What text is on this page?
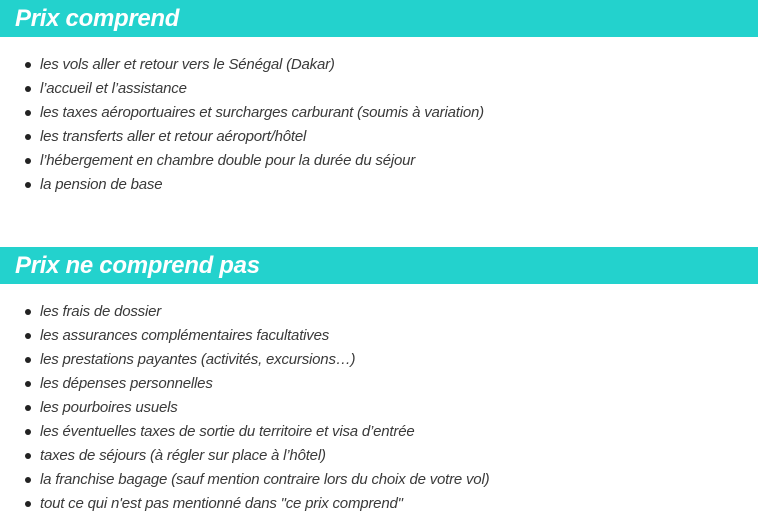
Prix comprend
les vols aller et retour vers le Sénégal (Dakar)
l’accueil et l’assistance
les taxes aéroportuaires et surcharges carburant (soumis à variation)
les transferts aller et retour aéroport/hôtel
l’hébergement en chambre double pour la durée du séjour
la pension de base
Prix ne comprend pas
les frais de dossier
les assurances complémentaires facultatives
les prestations payantes (activités, excursions…)
les dépenses personnelles
les pourboires usuels
les éventuelles taxes de sortie du territoire et visa d’entrée
taxes de séjours (à régler sur place à l’hôtel)
la franchise bagage (sauf mention contraire lors du choix de votre vol)
tout ce qui n'est pas mentionné dans "ce prix comprend"
